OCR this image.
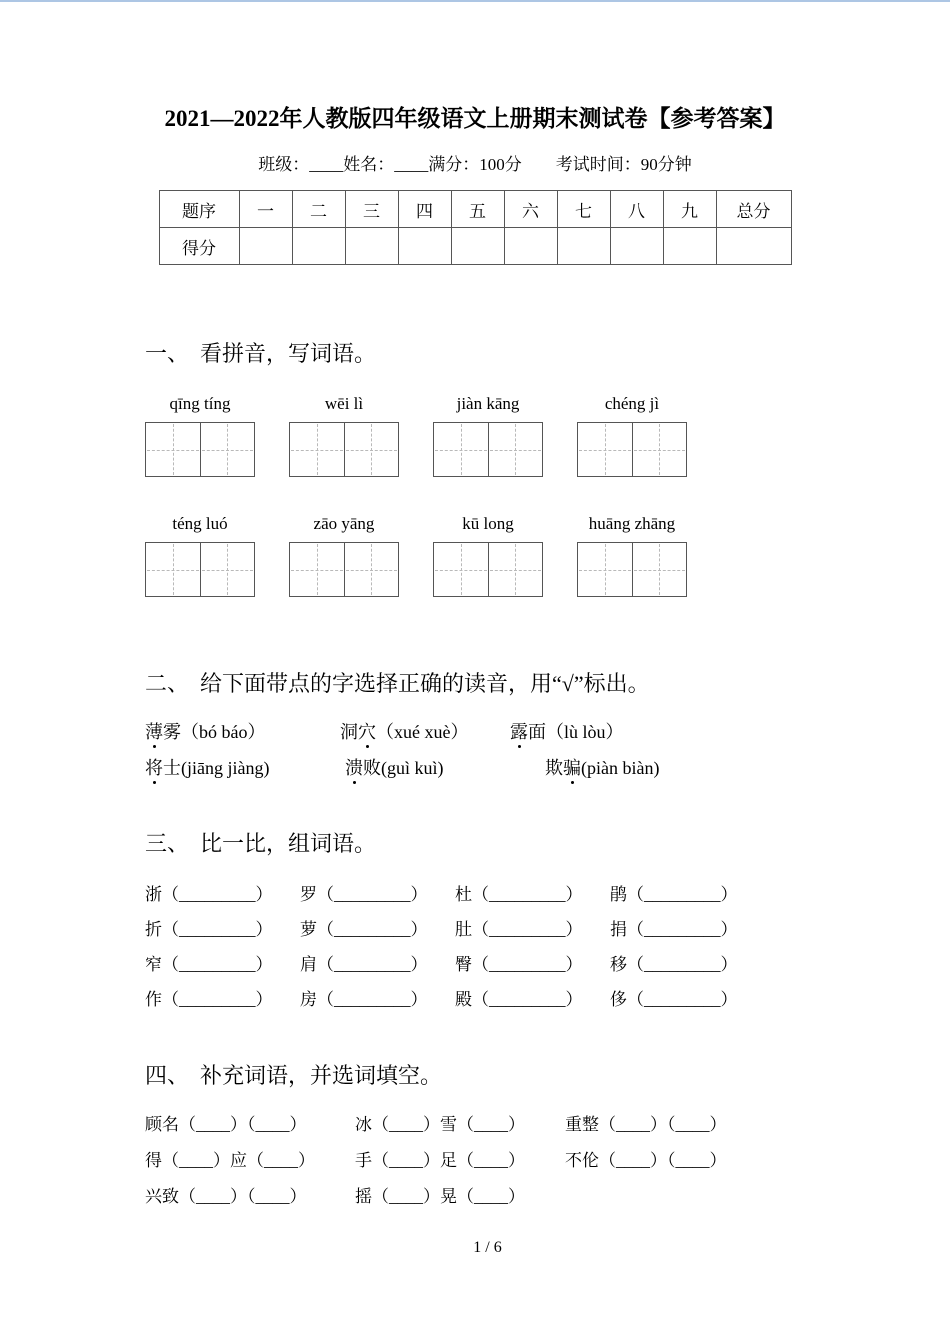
2021—2022年人教版四年级语文上册期末测试卷【参考答案】
班级：____姓名：____满分：100分　　考试时间：90分钟
题序	一	二	三	四	五	六	七	八	九	总分
得分										
一、　看拼音，写词语。
qīng tíng	wēi lì	jiàn kāng	chéng jì
téng luó	zāo yāng	kū long	huāng zhāng
二、　给下面带点的字选择正确的读音，用“√”标出。
薄雾（bó báo）	洞穴（xué xuè）	露面（lù lòu）
将士(jiāng jiàng)	溃败(guì kuì)	欺骗(piàn biàn)
三、　比一比，组词语。
浙（_________）	罗（_________）	杜（_________）	鹃（_________）
折（_________）	萝（_________）	肚（_________）	捐（_________）
窄（_________）	肩（_________）	臀（_________）	移（_________）
作（_________）	房（_________）	殿（_________）	侈（_________）
四、　补充词语，并选词填空。
顾名（____）（____）	冰（____）雪（____）	重整（____）（____）
得（____）应（____）	手（____）足（____）	不伦（____）（____）
兴致（____）（____）	摇（____）晃（____）
1 / 6
